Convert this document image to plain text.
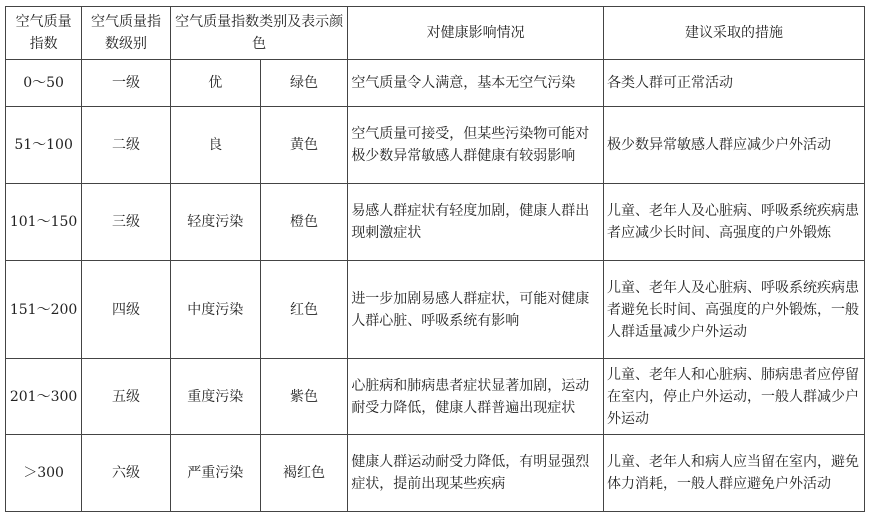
空气质量指数	空气质量指数级别	空气质量指数类别及表示颜色		对健康影响情况	建议采取的措施
0～50	一级	优	绿色	空气质量令人满意，基本无空气污染	各类人群可正常活动
51～100	二级	良	黄色	空气质量可接受，但某些污染物可能对极少数异常敏感人群健康有较弱影响	极少数异常敏感人群应减少户外活动
101～150	三级	轻度污染	橙色	易感人群症状有轻度加剧，健康人群出现刺激症状	儿童、老年人及心脏病、呼吸系统疾病患者应减少长时间、高强度的户外锻炼
151～200	四级	中度污染	红色	进一步加剧易感人群症状，可能对健康人群心脏、呼吸系统有影响	儿童、老年人及心脏病、呼吸系统疾病患者避免长时间、高强度的户外锻炼，一般人群适量减少户外运动
201～300	五级	重度污染	紫色	心脏病和肺病患者症状显著加剧，运动耐受力降低，健康人群普遍出现症状	儿童、老年人和心脏病、肺病患者应停留在室内，停止户外运动，一般人群减少户外运动
＞300	六级	严重污染	褐红色	健康人群运动耐受力降低，有明显强烈症状，提前出现某些疾病	儿童、老年人和病人应当留在室内，避免体力消耗，一般人群应避免户外活动
